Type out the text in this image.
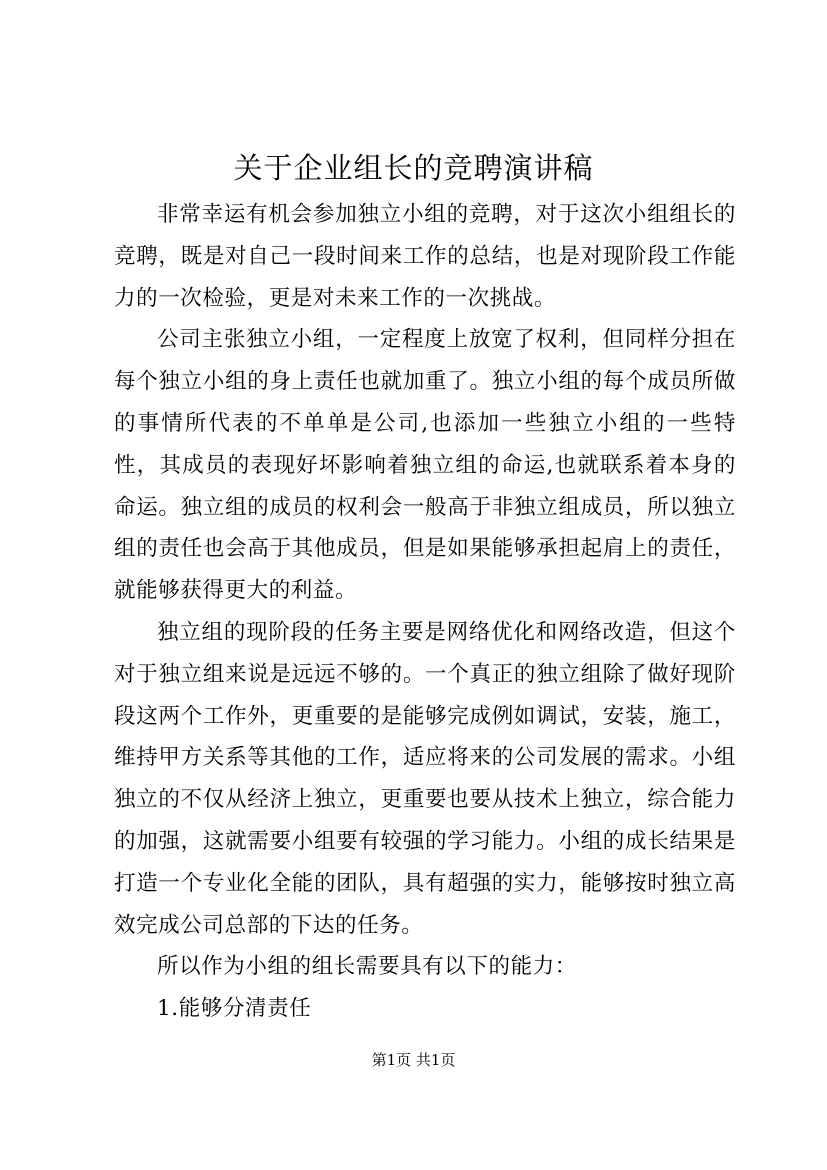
关于企业组长的竞聘演讲稿

非常幸运有机会参加独立小组的竞聘，对于这次小组组长的竞聘，既是对自己一段时间来工作的总结，也是对现阶段工作能力的一次检验，更是对未来工作的一次挑战。

公司主张独立小组，一定程度上放宽了权利，但同样分担在每个独立小组的身上责任也就加重了。独立小组的每个成员所做的事情所代表的不单单是公司,也添加一些独立小组的一些特性，其成员的表现好坏影响着独立组的命运,也就联系着本身的命运。独立组的成员的权利会一般高于非独立组成员，所以独立组的责任也会高于其他成员，但是如果能够承担起肩上的责任，就能够获得更大的利益。

独立组的现阶段的任务主要是网络优化和网络改造，但这个对于独立组来说是远远不够的。一个真正的独立组除了做好现阶段这两个工作外，更重要的是能够完成例如调试，安装，施工，维持甲方关系等其他的工作，适应将来的公司发展的需求。小组独立的不仅从经济上独立，更重要也要从技术上独立，综合能力的加强，这就需要小组要有较强的学习能力。小组的成长结果是打造一个专业化全能的团队，具有超强的实力，能够按时独立高效完成公司总部的下达的任务。

所以作为小组的组长需要具有以下的能力：

1.能够分清责任

第1页 共1页
